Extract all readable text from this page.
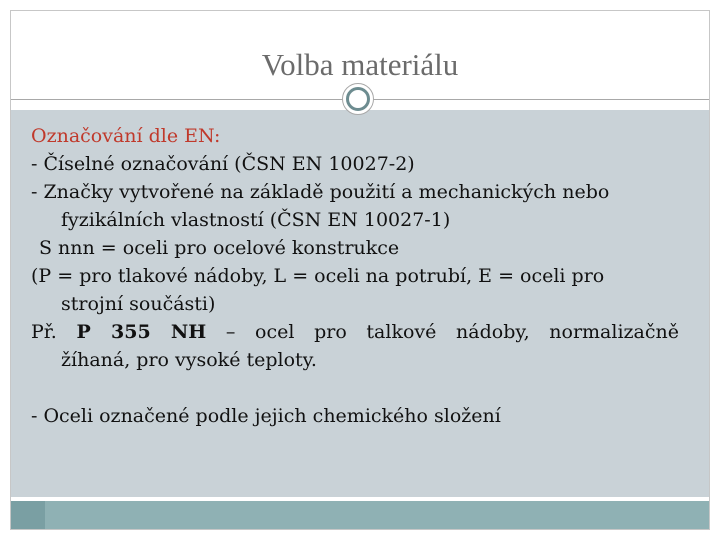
Volba materiálu
Označování dle EN:
- Číselné označování (ČSN EN 10027-2)
- Značky vytvořené na základě použití a mechanických nebo
fyzikálních vlastností (ČSN EN 10027-1)
S nnn = oceli pro ocelové konstrukce
(P = pro tlakové nádoby, L = oceli na potrubí, E = oceli pro
strojní součásti)
Př. P 355 NH – ocel pro talkové nádoby, normalizačně
žíhaná, pro vysoké teploty.
- Oceli označené podle jejich chemického složení
